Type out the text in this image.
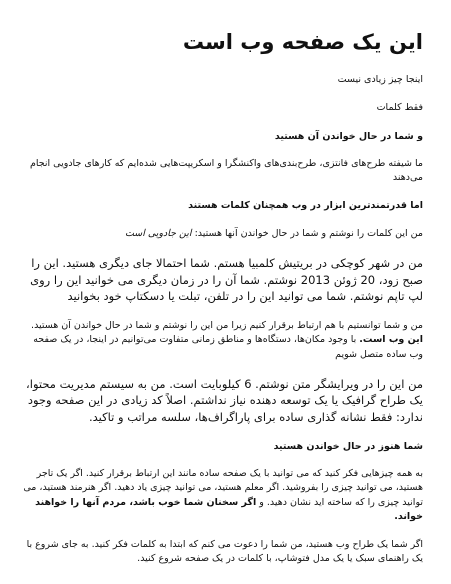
این یک صفحه وب است

اینجا چیز زیادی نیست

فقط کلمات

و شما در حال خواندن آن هستید

ما شیفته طرح‌های فانتزی، طرح‌بندی‌های واکنشگرا و اسکریپت‌هایی شده‌ایم که کارهای جادویی انجام می‌دهند

اما قدرتمندترین ابزار در وب همچنان کلمات هستند

من این کلمات را نوشتم و شما در حال خواندن آنها هستید: این جادویی است

من در شهر کوچکی در بریتیش کلمبیا هستم. شما احتمالا جای دیگری هستید. این را صبح زود، 20 ژوئن 2013 نوشتم. شما آن را در زمان دیگری می خوانید این را روی لپ تاپم نوشتم. شما می توانید این را در تلفن، تبلت یا دسکتاپ خود بخوانید

من و شما توانستیم با هم ارتباط برقرار کنیم زیرا من این را نوشتم و شما در حال خواندن آن هستید. این وب است. با وجود مکان‌ها، دستگاه‌ها و مناطق زمانی متفاوت می‌توانیم در اینجا، در یک صفحه وب ساده متصل شویم

من این را در ویرایشگر متن نوشتم. 6 کیلوبایت است. من به سیستم مدیریت محتوا، یک طراح گرافیک یا یک توسعه دهنده نیاز نداشتم. اصلاً کد زیادی در این صفحه وجود ندارد: فقط نشانه گذاری ساده برای پاراگراف‌ها، سلسه مراتب و تاکید.

شما هنوز در حال خواندن هستید

به همه چیزهایی فکر کنید که می توانید با یک صفحه ساده مانند این ارتباط برقرار کنید. اگر یک تاجر هستید، می توانید چیزی را بفروشید. اگر معلم هستید، می توانید چیزی یاد دهید. اگر هنرمند هستید، می توانید چیزی را که ساخته اید نشان دهید. و اگر سخنان شما خوب باشد، مردم آنها را خواهند خواند.

اگر شما یک طراح وب هستید، من شما را دعوت می کنم که ابتدا به کلمات فکر کنید. به جای شروع با یک راهنمای سبک یا یک مدل فتوشاپ، با کلمات در یک صفحه شروع کنید.
